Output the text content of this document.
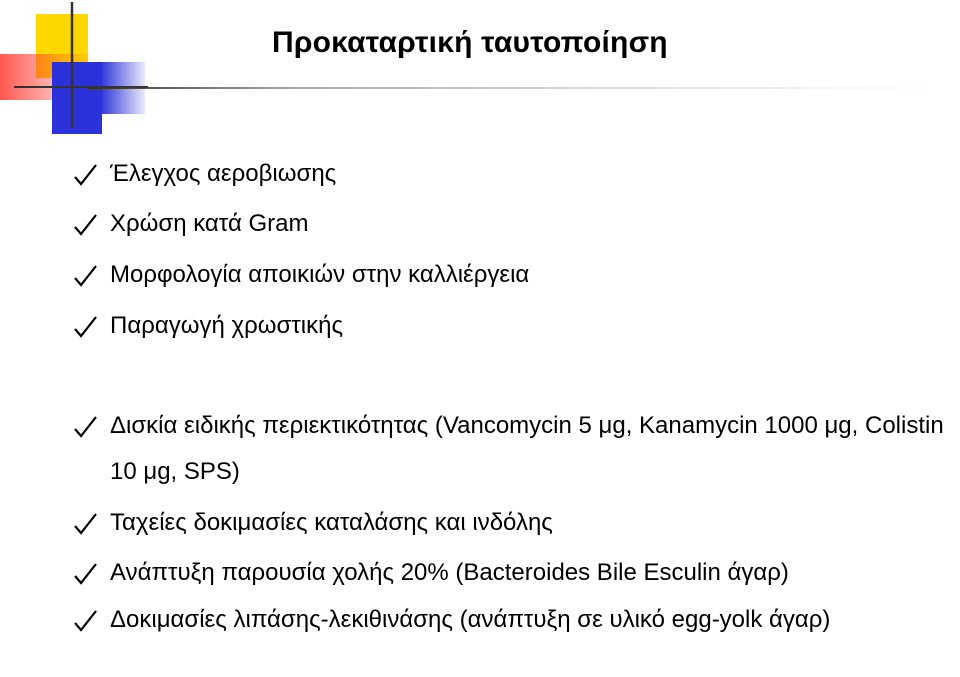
Προκαταρτική ταυτοποίηση
Έλεγχος αεροβιωσης
Χρώση κατά Gram
Μορφολογία αποικιών στην καλλιέργεια
Παραγωγή χρωστικής
Δισκία ειδικής περιεκτικότητας (Vancomycin 5 μg, Kanamycin 1000 μg, Colistin 10 μg, SPS)
Ταχείες δοκιμασίες καταλάσης και ινδόλης
Ανάπτυξη παρουσία χολής 20% (Bacteroides Bile Esculin άγαρ)
Δοκιμασίες λιπάσης-λεκιθινάσης (ανάπτυξη σε υλικό egg-yolk άγαρ)
